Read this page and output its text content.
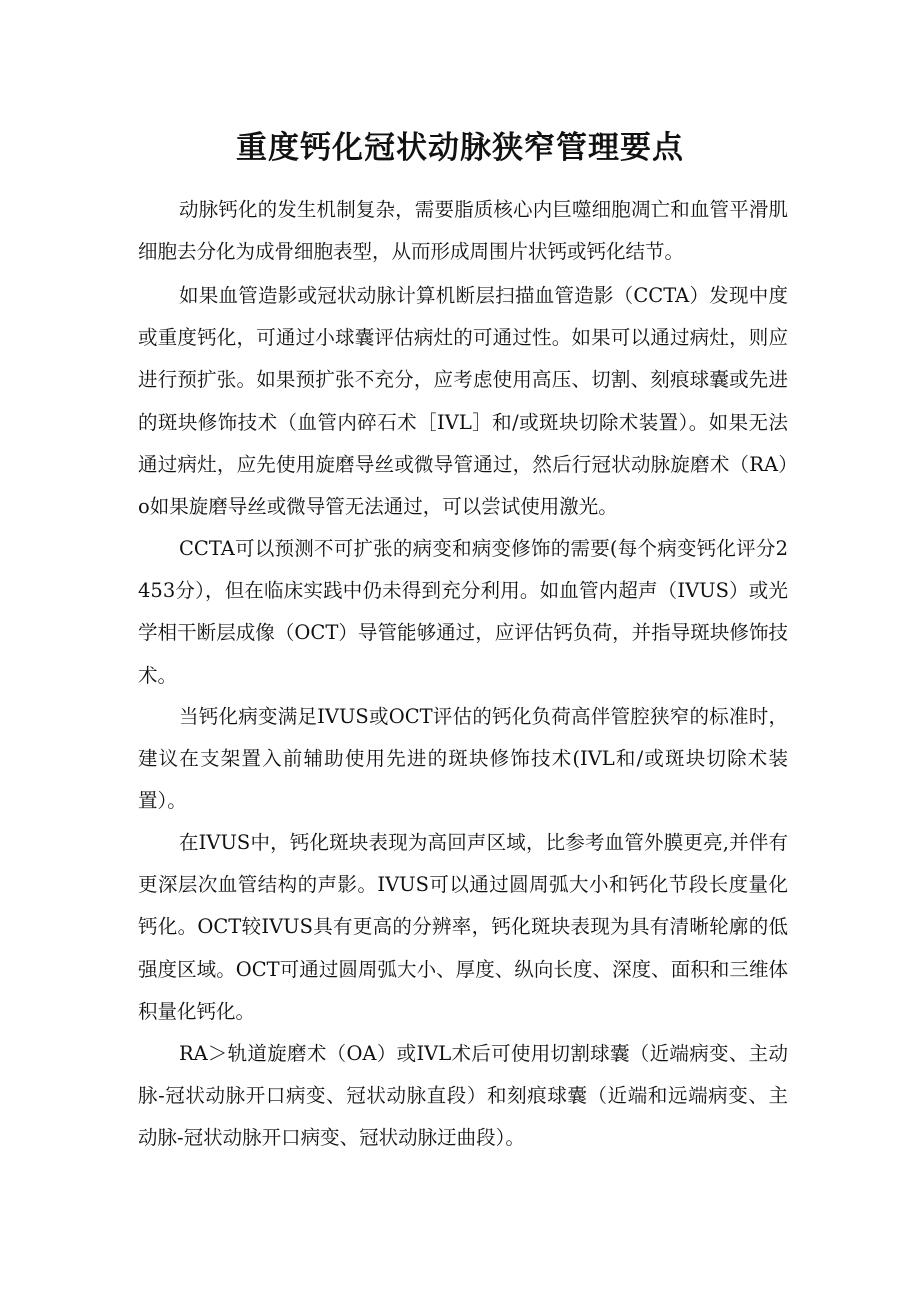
重度钙化冠状动脉狭窄管理要点

动脉钙化的发生机制复杂，需要脂质核心内巨噬细胞凋亡和血管平滑肌细胞去分化为成骨细胞表型，从而形成周围片状钙或钙化结节。

如果血管造影或冠状动脉计算机断层扫描血管造影（CCTA）发现中度或重度钙化，可通过小球囊评估病灶的可通过性。如果可以通过病灶，则应进行预扩张。如果预扩张不充分，应考虑使用高压、切割、刻痕球囊或先进的斑块修饰技术（血管内碎石术［IVL］和/或斑块切除术装置）。如果无法通过病灶，应先使用旋磨导丝或微导管通过，然后行冠状动脉旋磨术（RA）o如果旋磨导丝或微导管无法通过，可以尝试使用激光。

CCTA可以预测不可扩张的病变和病变修饰的需要(每个病变钙化评分2453分），但在临床实践中仍未得到充分利用。如血管内超声（IVUS）或光学相干断层成像（OCT）导管能够通过，应评估钙负荷，并指导斑块修饰技术。

当钙化病变满足IVUS或OCT评估的钙化负荷高伴管腔狭窄的标准时，建议在支架置入前辅助使用先进的斑块修饰技术(IVL和/或斑块切除术装置）。

在IVUS中，钙化斑块表现为高回声区域，比参考血管外膜更亮,并伴有更深层次血管结构的声影。IVUS可以通过圆周弧大小和钙化节段长度量化钙化。OCT较IVUS具有更高的分辨率，钙化斑块表现为具有清晰轮廓的低强度区域。OCT可通过圆周弧大小、厚度、纵向长度、深度、面积和三维体积量化钙化。

RA＞轨道旋磨术（OA）或IVL术后可使用切割球囊（近端病变、主动脉-冠状动脉开口病变、冠状动脉直段）和刻痕球囊（近端和远端病变、主动脉-冠状动脉开口病变、冠状动脉迂曲段）。
